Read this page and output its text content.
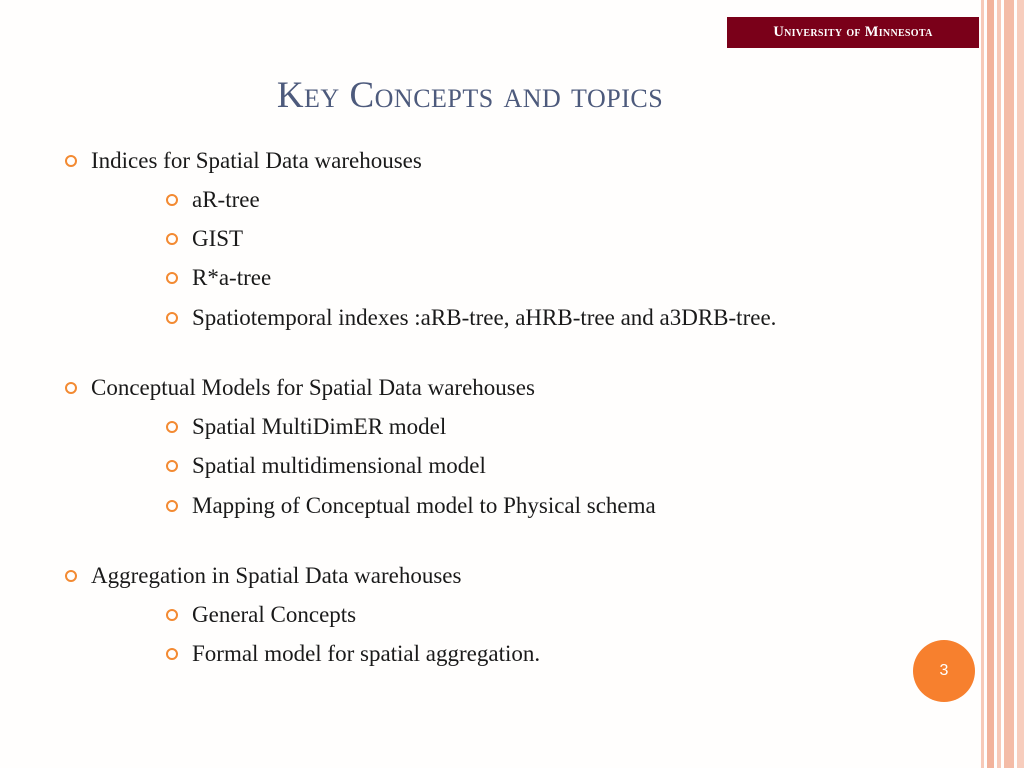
University of Minnesota
Key Concepts and topics
Indices for Spatial Data warehouses
aR-tree
GIST
R*a-tree
Spatiotemporal indexes :aRB-tree, aHRB-tree and a3DRB-tree.
Conceptual Models for Spatial Data warehouses
Spatial MultiDimER model
Spatial multidimensional model
Mapping of Conceptual model to Physical schema
Aggregation in Spatial Data warehouses
General Concepts
Formal model for spatial aggregation.
3
